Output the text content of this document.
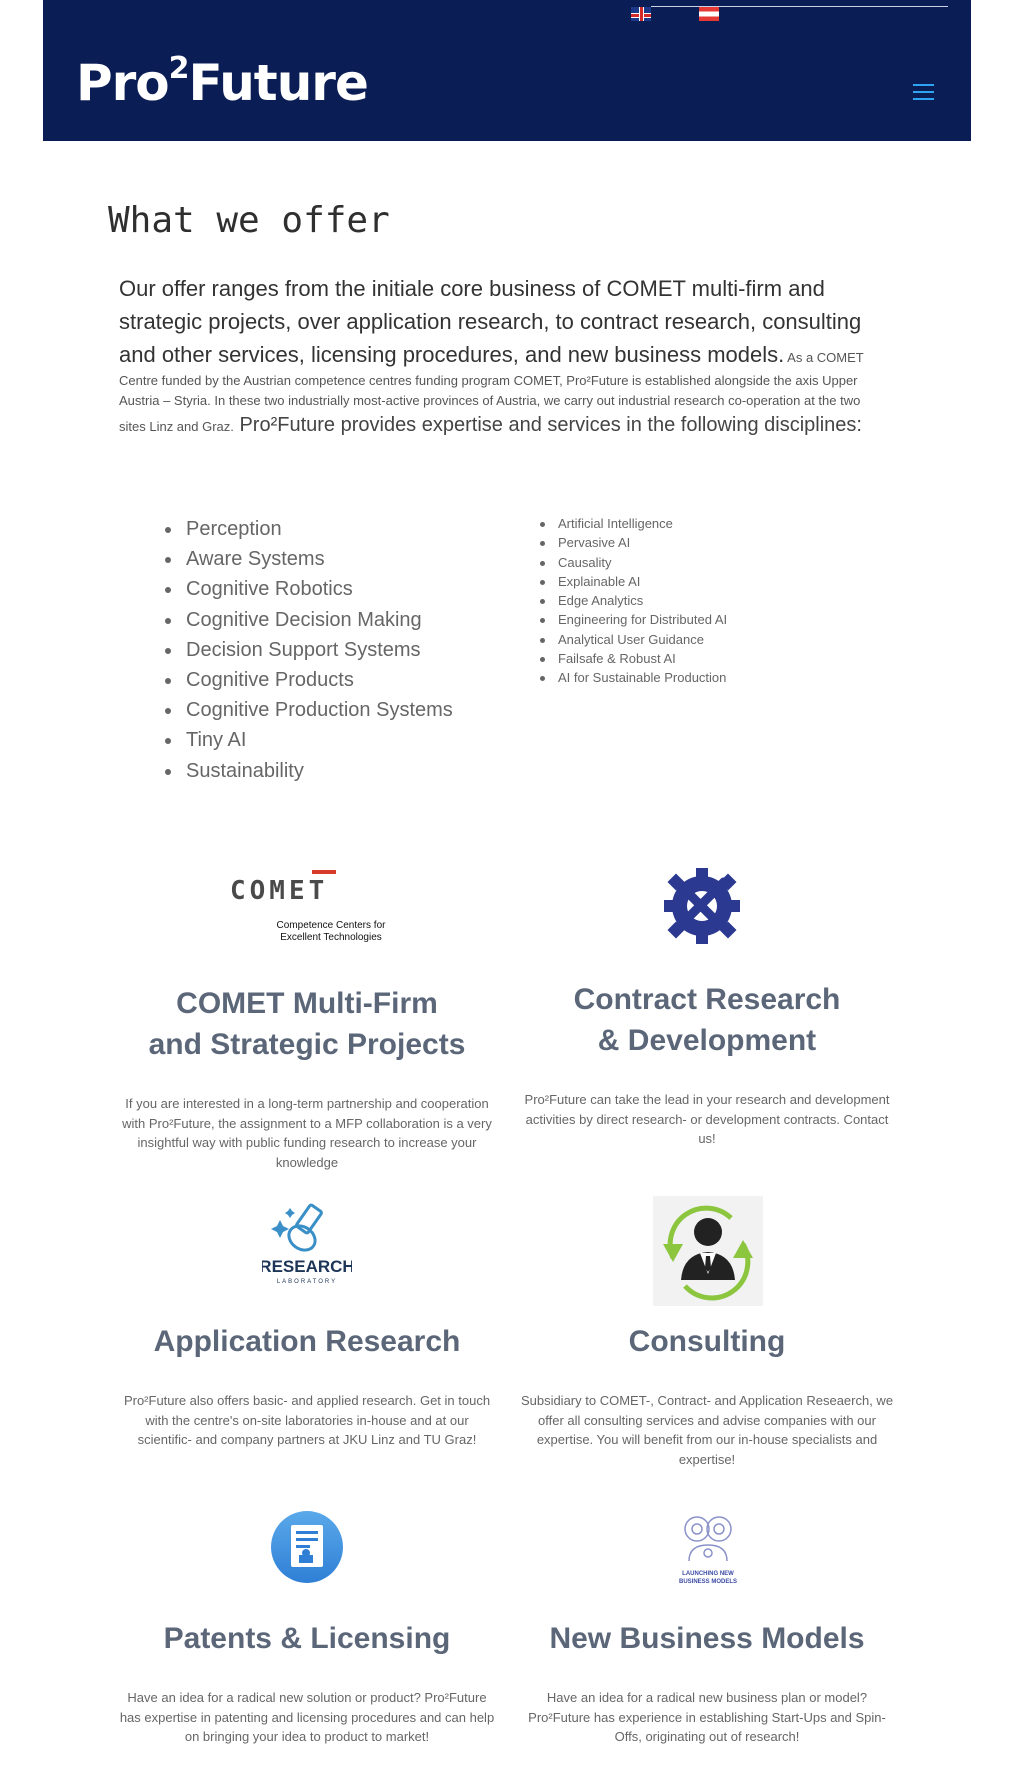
Pro$^2$Future
What we offer
Our offer ranges from the initiale core business of COMET multi-firm and strategic projects, over application research, to contract research, consulting and other services, licensing procedures, and new business models. As a COMET Centre funded by the Austrian competence centres funding program COMET, Pro²Future is established alongside the axis Upper Austria – Styria. In these two industrially most-active provinces of Austria, we carry out industrial research co-operation at the two sites Linz and Graz. Pro²Future provides expertise and services in the following disciplines:
Perception
Aware Systems
Cognitive Robotics
Cognitive Decision Making
Decision Support Systems
Cognitive Products
Cognitive Production Systems
Tiny AI
Sustainability
Artificial Intelligence
Pervasive AI
Causality
Explainable AI
Edge Analytics
Engineering for Distributed AI
Analytical User Guidance
Failsafe & Robust AI
AI for Sustainable Production
COMET
Competence Centers for
Excellent Technologies
COMET Multi-Firm
and Strategic Projects

If you are interested in a long-term partnership and cooperation with Pro²Future, the assignment to a MFP collaboration is a very insightful way with public funding research to increase your knowledge

Contract Research
& Development

Pro²Future can take the lead in your research and development activities by direct research- or development contracts. Contact us!

RESEARCH
LABORATORY
Application Research

Pro²Future also offers basic- and applied research. Get in touch with the centre's on-site laboratories in-house and at our scientific- and company partners at JKU Linz and TU Graz!

Consulting

Subsidiary to COMET-, Contract- and Application Reseaerch, we offer all consulting services and advise companies with our expertise. You will benefit from our in-house specialists and expertise!

LAUNCHING NEW
BUSINESS MODELS
Patents & Licensing

Have an idea for a radical new solution or product? Pro²Future has expertise in patenting and licensing procedures and can help on bringing your idea to product to market!

New Business Models

Have an idea for a radical new business plan or model? Pro²Future has experience in establishing Start-Ups and Spin-Offs, originating out of research!
